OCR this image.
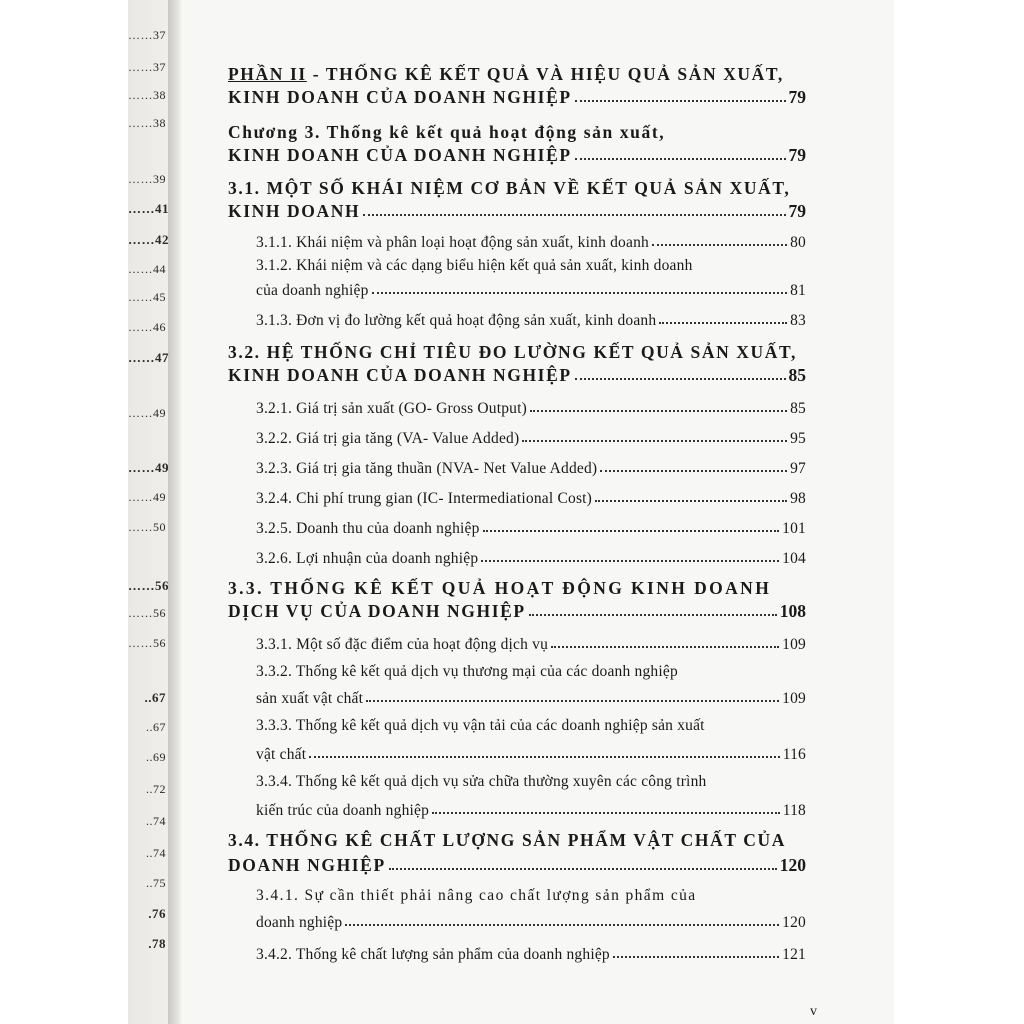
……37
……37
……38
……38
……39
……41
……42
……44
……45
……46
……47
……49
……49
……49
……50
……56
……56
……56
..67
..67
..69
..72
..74
..74
..75
.76
.78
PHẦN II - THỐNG KÊ KẾT QUẢ VÀ HIỆU QUẢ SẢN XUẤT,
KINH DOANH CỦA DOANH NGHIỆP	79
Chương 3. Thống kê kết quả hoạt động sản xuất,
KINH DOANH CỦA DOANH NGHIỆP	79
3.1. MỘT SỐ KHÁI NIỆM CƠ BẢN VỀ KẾT QUẢ SẢN XUẤT,
KINH DOANH	79
3.1.1. Khái niệm và phân loại hoạt động sản xuất, kinh doanh	80
3.1.2. Khái niệm và các dạng biểu hiện kết quả sản xuất, kinh doanh
của doanh nghiệp	81
3.1.3. Đơn vị đo lường kết quả hoạt động sản xuất, kinh doanh	83
3.2. HỆ THỐNG CHỈ TIÊU ĐO LƯỜNG KẾT QUẢ SẢN XUẤT,
KINH DOANH CỦA DOANH NGHIỆP	85
3.2.1. Giá trị sản xuất (GO- Gross Output)	85
3.2.2. Giá trị gia tăng (VA- Value Added)	95
3.2.3. Giá trị gia tăng thuần (NVA- Net Value Added)	97
3.2.4. Chi phí trung gian (IC- Intermediational Cost)	98
3.2.5. Doanh thu của doanh nghiệp	101
3.2.6. Lợi nhuận của doanh nghiệp	104
3.3. THỐNG KÊ KẾT QUẢ HOẠT ĐỘNG KINH DOANH
DỊCH VỤ CỦA DOANH NGHIỆP	108
3.3.1. Một số đặc điểm của hoạt động dịch vụ	109
3.3.2. Thống kê kết quả dịch vụ thương mại của các doanh nghiệp
sản xuất vật chất	109
3.3.3. Thống kê kết quả dịch vụ vận tải của các doanh nghiệp sản xuất
vật chất	116
3.3.4. Thống kê kết quả dịch vụ sửa chữa thường xuyên các công trình
kiến trúc của doanh nghiệp	118
3.4. THỐNG KÊ CHẤT LƯỢNG SẢN PHẨM VẬT CHẤT CỦA
DOANH NGHIỆP	120
3.4.1. Sự cần thiết phải nâng cao chất lượng sản phẩm của
doanh nghiệp	120
3.4.2. Thống kê chất lượng sản phẩm của doanh nghiệp	121
v
